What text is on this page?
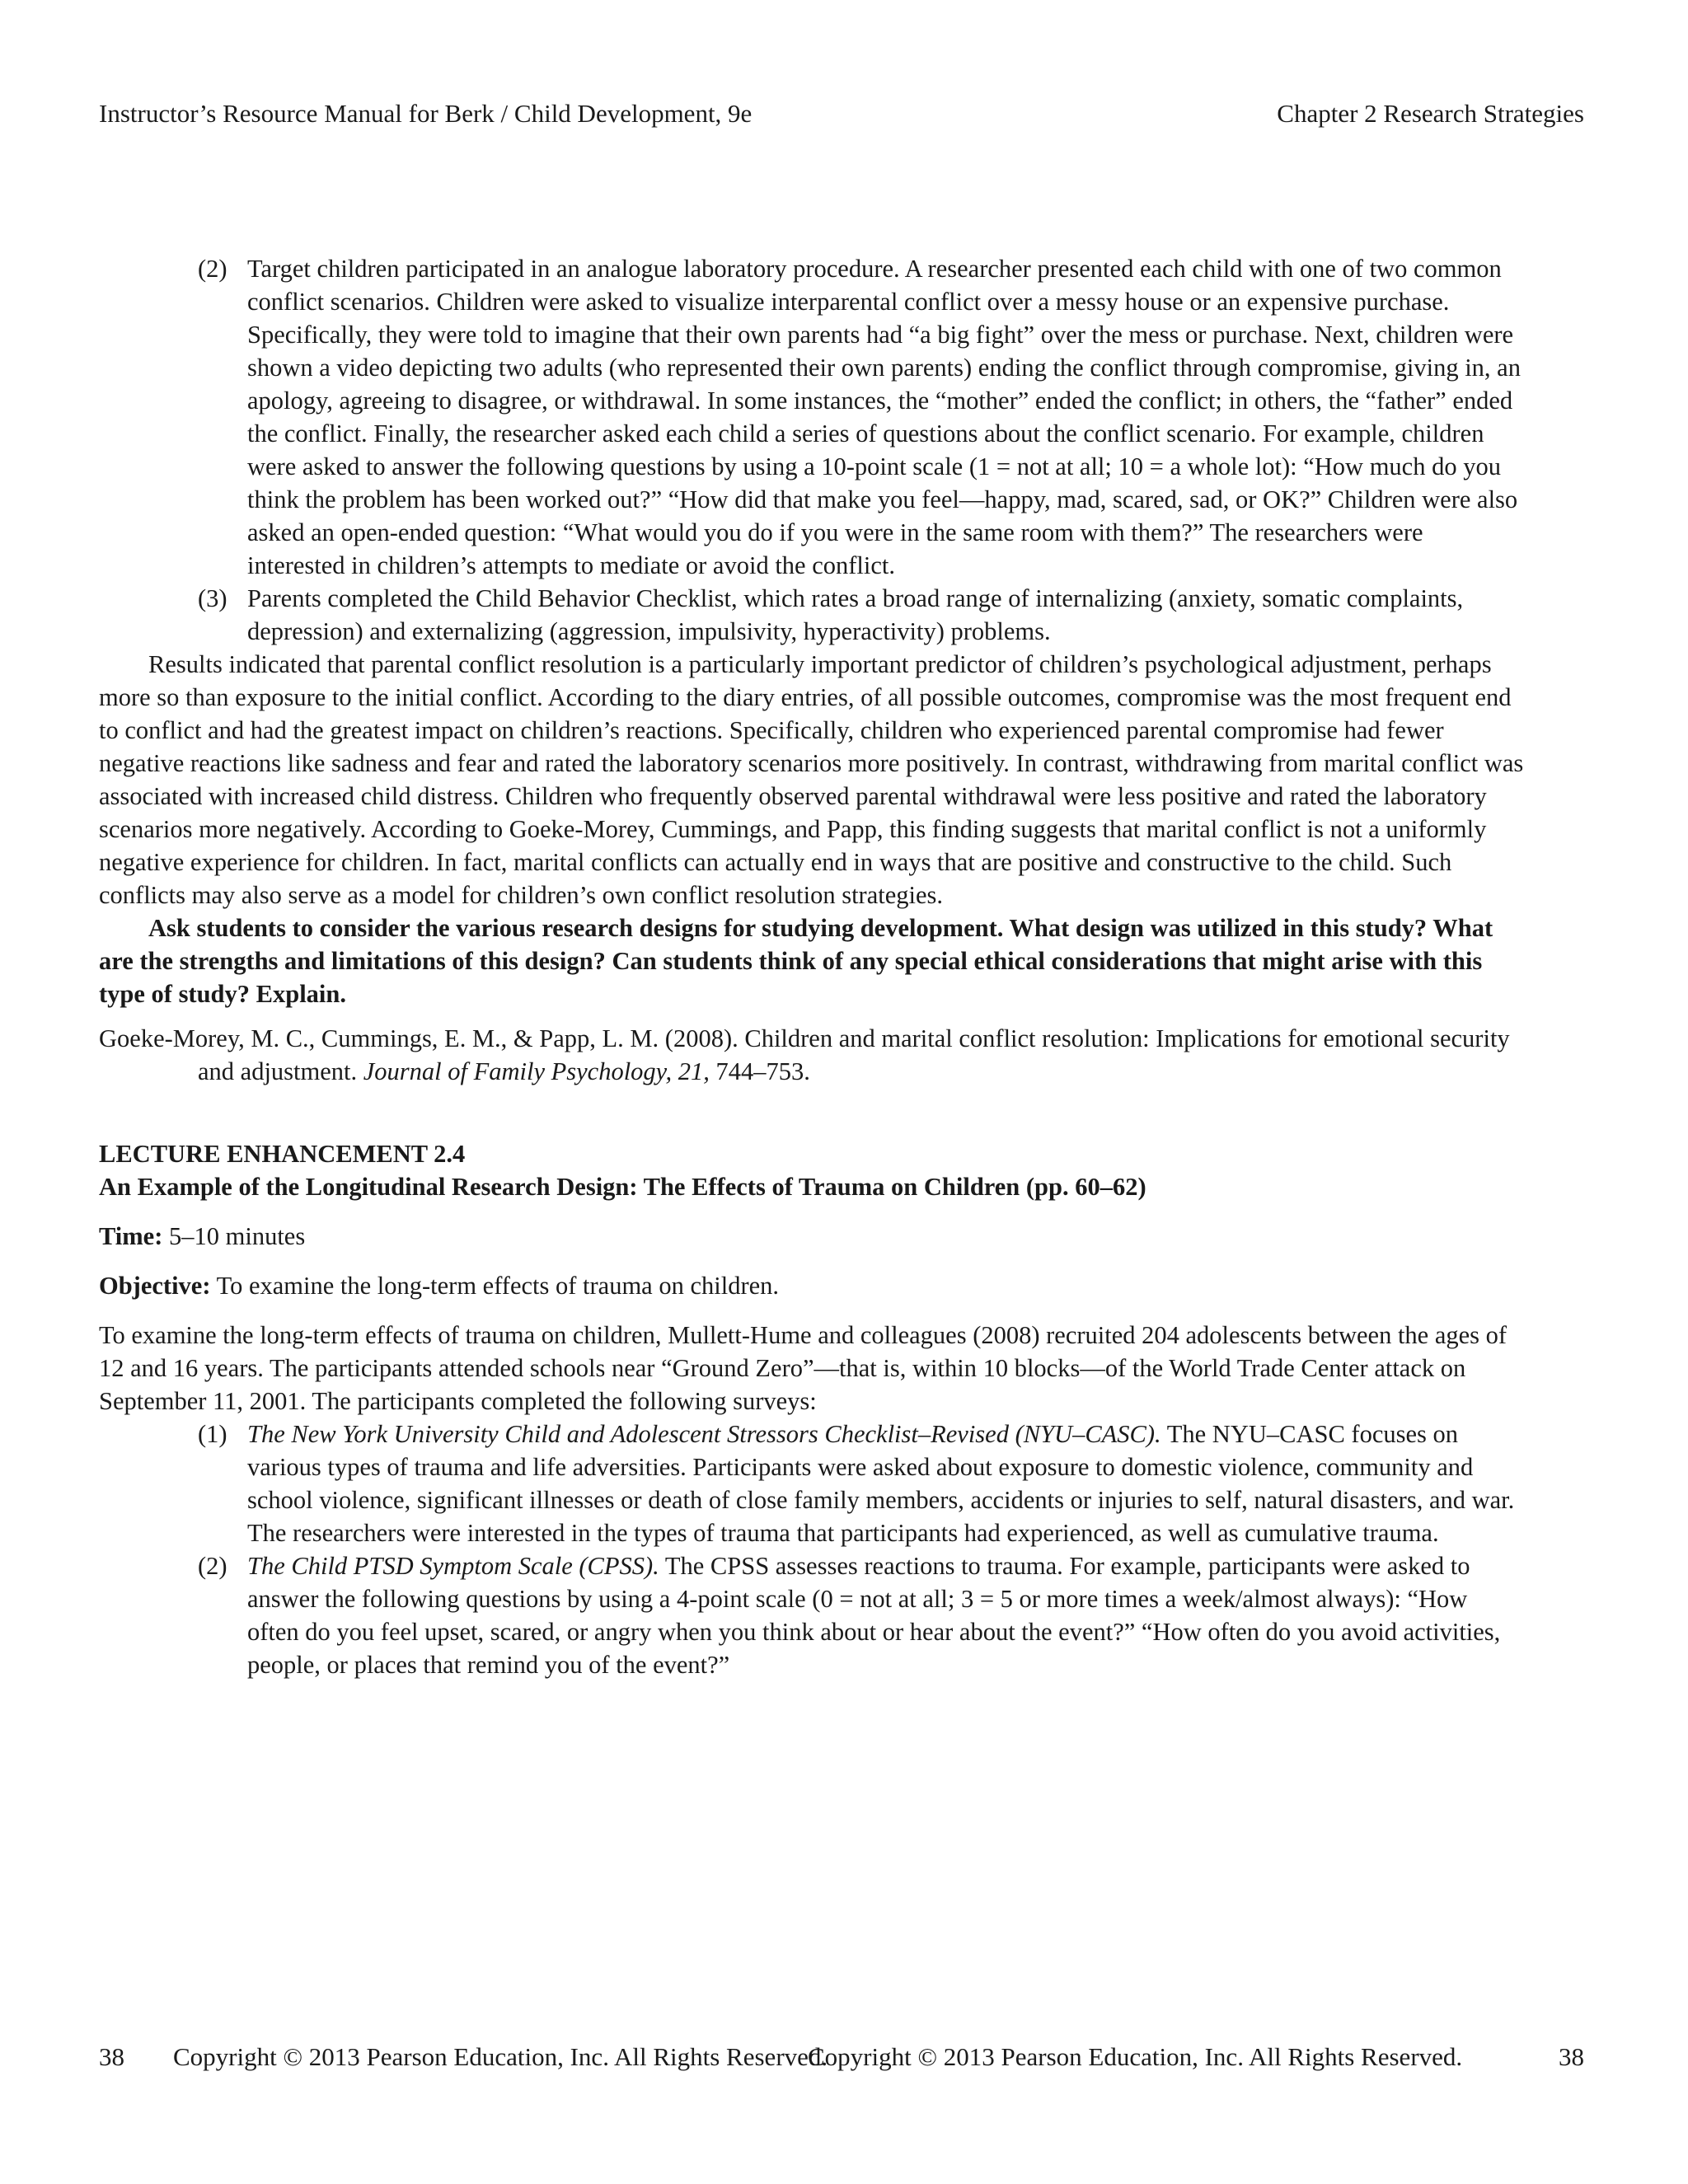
Instructor’s Resource Manual for Berk / Child Development, 9e	Chapter 2 Research Strategies
(2) Target children participated in an analogue laboratory procedure. A researcher presented each child with one of two common conflict scenarios. Children were asked to visualize interparental conflict over a messy house or an expensive purchase. Specifically, they were told to imagine that their own parents had “a big fight” over the mess or purchase. Next, children were shown a video depicting two adults (who represented their own parents) ending the conflict through compromise, giving in, an apology, agreeing to disagree, or withdrawal. In some instances, the “mother” ended the conflict; in others, the “father” ended the conflict. Finally, the researcher asked each child a series of questions about the conflict scenario. For example, children were asked to answer the following questions by using a 10-point scale (1 = not at all; 10 = a whole lot): “How much do you think the problem has been worked out?” “How did that make you feel—happy, mad, scared, sad, or OK?” Children were also asked an open-ended question: “What would you do if you were in the same room with them?” The researchers were interested in children’s attempts to mediate or avoid the conflict.
(3) Parents completed the Child Behavior Checklist, which rates a broad range of internalizing (anxiety, somatic complaints, depression) and externalizing (aggression, impulsivity, hyperactivity) problems.

Results indicated that parental conflict resolution is a particularly important predictor of children’s psychological adjustment, perhaps more so than exposure to the initial conflict. According to the diary entries, of all possible outcomes, compromise was the most frequent end to conflict and had the greatest impact on children’s reactions. Specifically, children who experienced parental compromise had fewer negative reactions like sadness and fear and rated the laboratory scenarios more positively. In contrast, withdrawing from marital conflict was associated with increased child distress. Children who frequently observed parental withdrawal were less positive and rated the laboratory scenarios more negatively. According to Goeke-Morey, Cummings, and Papp, this finding suggests that marital conflict is not a uniformly negative experience for children. In fact, marital conflicts can actually end in ways that are positive and constructive to the child. Such conflicts may also serve as a model for children’s own conflict resolution strategies.

Ask students to consider the various research designs for studying development. What design was utilized in this study? What are the strengths and limitations of this design? Can students think of any special ethical considerations that might arise with this type of study? Explain.

Goeke-Morey, M. C., Cummings, E. M., & Papp, L. M. (2008). Children and marital conflict resolution: Implications for emotional security and adjustment. Journal of Family Psychology, 21, 744–753.

LECTURE ENHANCEMENT 2.4

An Example of the Longitudinal Research Design: The Effects of Trauma on Children (pp. 60–62)

Time: 5–10 minutes

Objective: To examine the long-term effects of trauma on children.

To examine the long-term effects of trauma on children, Mullett-Hume and colleagues (2008) recruited 204 adolescents between the ages of 12 and 16 years. The participants attended schools near “Ground Zero”—that is, within 10 blocks—of the World Trade Center attack on September 11, 2001. The participants completed the following surveys:

(1) The New York University Child and Adolescent Stressors Checklist–Revised (NYU–CASC). The NYU–CASC focuses on various types of trauma and life adversities. Participants were asked about exposure to domestic violence, community and school violence, significant illnesses or death of close family members, accidents or injuries to self, natural disasters, and war. The researchers were interested in the types of trauma that participants had experienced, as well as cumulative trauma.
(2) The Child PTSD Symptom Scale (CPSS). The CPSS assesses reactions to trauma. For example, participants were asked to answer the following questions by using a 4-point scale (0 = not at all; 3 = 5 or more times a week/almost always): “How often do you feel upset, scared, or angry when you think about or hear about the event?” “How often do you avoid activities, people, or places that remind you of the event?”
38 Copyright © 2013 Pearson Education, Inc. All Rights Reserved.
Copyright © 2013 Pearson Education, Inc. All Rights Reserved.	38
